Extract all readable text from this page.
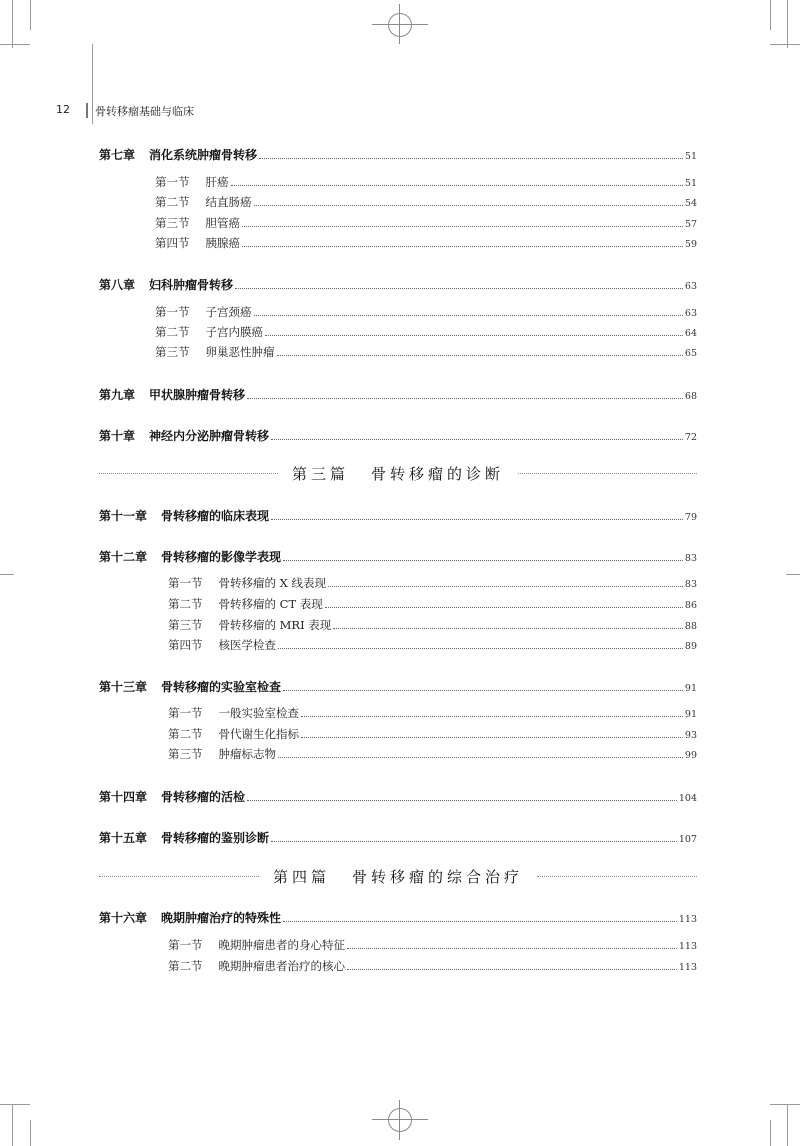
12 骨转移瘤基础与临床
第七章 消化系统肿瘤骨转移	51
第一节 肝癌	51
第二节 结直肠癌	54
第三节 胆管癌	57
第四节 胰腺癌	59
第八章 妇科肿瘤骨转移	63
第一节 子宫颈癌	63
第二节 子宫内膜癌	64
第三节 卵巢恶性肿瘤	65
第九章 甲状腺肿瘤骨转移	68
第十章 神经内分泌肿瘤骨转移	72
第三篇 骨转移瘤的诊断
第十一章 骨转移瘤的临床表现	79
第十二章 骨转移瘤的影像学表现	83
第一节 骨转移瘤的 X 线表现	83
第二节 骨转移瘤的 CT 表现	86
第三节 骨转移瘤的 MRI 表现	88
第四节 核医学检查	89
第十三章 骨转移瘤的实验室检查	91
第一节 一般实验室检查	91
第二节 骨代谢生化指标	93
第三节 肿瘤标志物	99
第十四章 骨转移瘤的活检	104
第十五章 骨转移瘤的鉴别诊断	107
第四篇 骨转移瘤的综合治疗
第十六章 晚期肿瘤治疗的特殊性	113
第一节 晚期肿瘤患者的身心特征	113
第二节 晚期肿瘤患者治疗的核心	113
